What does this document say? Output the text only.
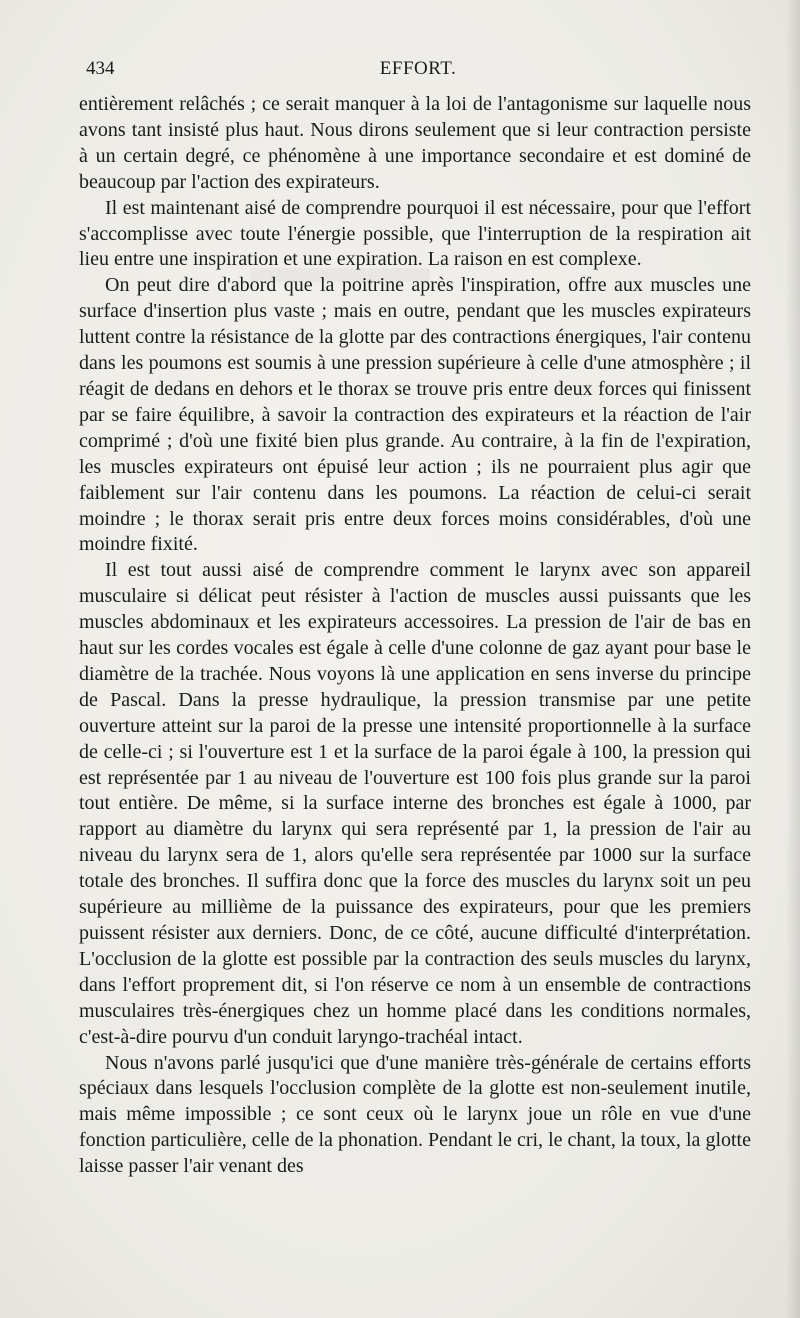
434	EFFORT.

entièrement relâchés ; ce serait manquer à la loi de l'antagonisme sur laquelle nous avons tant insisté plus haut. Nous dirons seulement que si leur contraction persiste à un certain degré, ce phénomène à une importance secondaire et est dominé de beaucoup par l'action des expirateurs.

Il est maintenant aisé de comprendre pourquoi il est nécessaire, pour que l'effort s'accomplisse avec toute l'énergie possible, que l'interruption de la respiration ait lieu entre une inspiration et une expiration. La raison en est complexe.

On peut dire d'abord que la poitrine après l'inspiration, offre aux muscles une surface d'insertion plus vaste ; mais en outre, pendant que les muscles expirateurs luttent contre la résistance de la glotte par des contractions énergiques, l'air contenu dans les poumons est soumis à une pression supérieure à celle d'une atmosphère ; il réagit de dedans en dehors et le thorax se trouve pris entre deux forces qui finissent par se faire équilibre, à savoir la contraction des expirateurs et la réaction de l'air comprimé ; d'où une fixité bien plus grande. Au contraire, à la fin de l'expiration, les muscles expirateurs ont épuisé leur action ; ils ne pourraient plus agir que faiblement sur l'air contenu dans les poumons. La réaction de celui-ci serait moindre ; le thorax serait pris entre deux forces moins considérables, d'où une moindre fixité.

Il est tout aussi aisé de comprendre comment le larynx avec son appareil musculaire si délicat peut résister à l'action de muscles aussi puissants que les muscles abdominaux et les expirateurs accessoires. La pression de l'air de bas en haut sur les cordes vocales est égale à celle d'une colonne de gaz ayant pour base le diamètre de la trachée. Nous voyons là une application en sens inverse du principe de Pascal. Dans la presse hydraulique, la pression transmise par une petite ouverture atteint sur la paroi de la presse une intensité proportionnelle à la surface de celle-ci ; si l'ouverture est 1 et la surface de la paroi égale à 100, la pression qui est représentée par 1 au niveau de l'ouverture est 100 fois plus grande sur la paroi tout entière. De même, si la surface interne des bronches est égale à 1000, par rapport au diamètre du larynx qui sera représenté par 1, la pression de l'air au niveau du larynx sera de 1, alors qu'elle sera représentée par 1000 sur la surface totale des bronches. Il suffira donc que la force des muscles du larynx soit un peu supérieure au millième de la puissance des expirateurs, pour que les premiers puissent résister aux derniers. Donc, de ce côté, aucune difficulté d'interprétation. L'occlusion de la glotte est possible par la contraction des seuls muscles du larynx, dans l'effort proprement dit, si l'on réserve ce nom à un ensemble de contractions musculaires très-énergiques chez un homme placé dans les conditions normales, c'est-à-dire pourvu d'un conduit laryngo-trachéal intact.

Nous n'avons parlé jusqu'ici que d'une manière très-générale de certains efforts spéciaux dans lesquels l'occlusion complète de la glotte est non-seulement inutile, mais même impossible ; ce sont ceux où le larynx joue un rôle en vue d'une fonction particulière, celle de la phonation. Pendant le cri, le chant, la toux, la glotte laisse passer l'air venant des
